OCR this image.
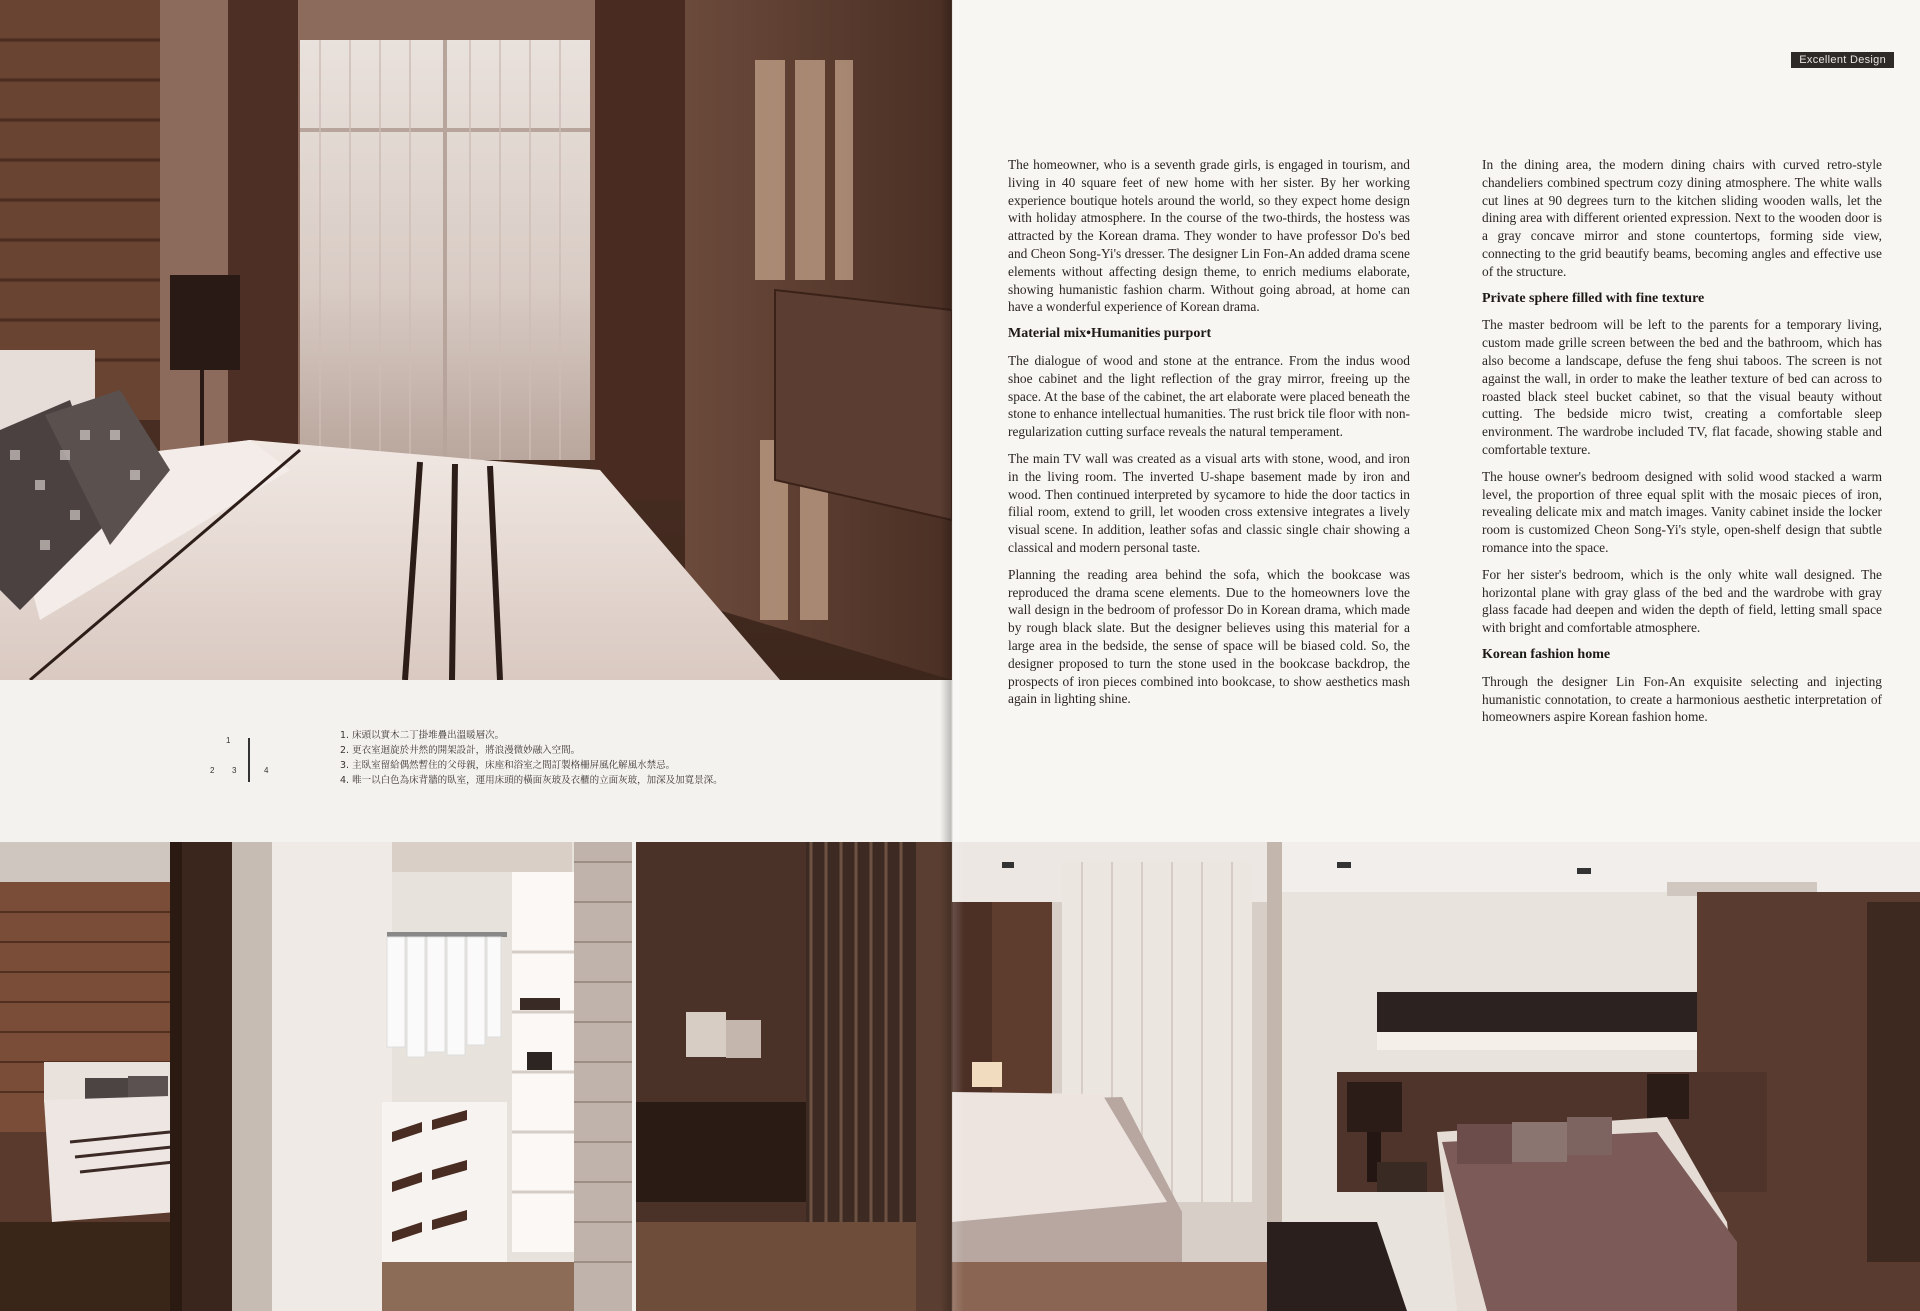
1
2 3	4
1. 床頭以實木二丁掛堆疊出溫暖層次。
2. 更衣室迴旋於井然的開架設計，將浪漫微妙融入空間。
3. 主臥室留給偶然暫住的父母親，床座和浴室之間訂製格柵屏風化解風水禁忌。
4. 唯一以白色為床背牆的臥室，運用床頭的橫面灰玻及衣櫃的立面灰玻，加深及加寬景深。
Excellent Design

The homeowner, who is a seventh grade girls, is engaged in tourism, and living in 40 square feet of new home with her sister. By her working experience boutique hotels around the world, so they expect home design with holiday atmosphere. In the course of the two-thirds, the hostess was attracted by the Korean drama. They wonder to have professor Do's bed and Cheon Song-Yi's dresser. The designer Lin Fon-An added drama scene elements without affecting design theme, to enrich mediums elaborate, showing humanistic fashion charm. Without going abroad, at home can have a wonderful experience of Korean drama.

Material mix•Humanities purport

The dialogue of wood and stone at the entrance. From the indus wood shoe cabinet and the light reflection of the gray mirror, freeing up the space. At the base of the cabinet, the art elaborate were placed beneath the stone to enhance intellectual humanities. The rust brick tile floor with non-regularization cutting surface reveals the natural temperament.

The main TV wall was created as a visual arts with stone, wood, and iron in the living room. The inverted U-shape basement made by iron and wood. Then continued interpreted by sycamore to hide the door tactics in filial room, extend to grill, let wooden cross extensive integrates a lively visual scene. In addition, leather sofas and classic single chair showing a classical and modern personal taste.

Planning the reading area behind the sofa, which the bookcase was reproduced the drama scene elements. Due to the homeowners love the wall design in the bedroom of professor Do in Korean drama, which made by rough black slate. But the designer believes using this material for a large area in the bedside, the sense of space will be biased cold. So, the designer proposed to turn the stone used in the bookcase backdrop, the prospects of iron pieces combined into bookcase, to show aesthetics mash again in lighting shine.

In the dining area, the modern dining chairs with curved retro-style chandeliers combined spectrum cozy dining atmosphere. The white walls cut lines at 90 degrees turn to the kitchen sliding wooden walls, let the dining area with different oriented expression. Next to the wooden door is a gray concave mirror and stone countertops, forming side view, connecting to the grid beautify beams, becoming angles and effective use of the structure.

Private sphere filled with fine texture

The master bedroom will be left to the parents for a temporary living, custom made grille screen between the bed and the bathroom, which has also become a landscape, defuse the feng shui taboos. The screen is not against the wall, in order to make the leather texture of bed can across to roasted black steel bucket cabinet, so that the visual beauty without cutting. The bedside micro twist, creating a comfortable sleep environment. The wardrobe included TV, flat facade, showing stable and comfortable texture.

The house owner's bedroom designed with solid wood stacked a warm level, the proportion of three equal split with the mosaic pieces of iron, revealing delicate mix and match images. Vanity cabinet inside the locker room is customized Cheon Song-Yi's style, open-shelf design that subtle romance into the space.

For her sister's bedroom, which is the only white wall designed. The horizontal plane with gray glass of the bed and the wardrobe with gray glass facade had deepen and widen the depth of field, letting small space with bright and comfortable atmosphere.

Korean fashion home

Through the designer Lin Fon-An exquisite selecting and injecting humanistic connotation, to create a harmonious aesthetic interpretation of homeowners aspire Korean fashion home.
